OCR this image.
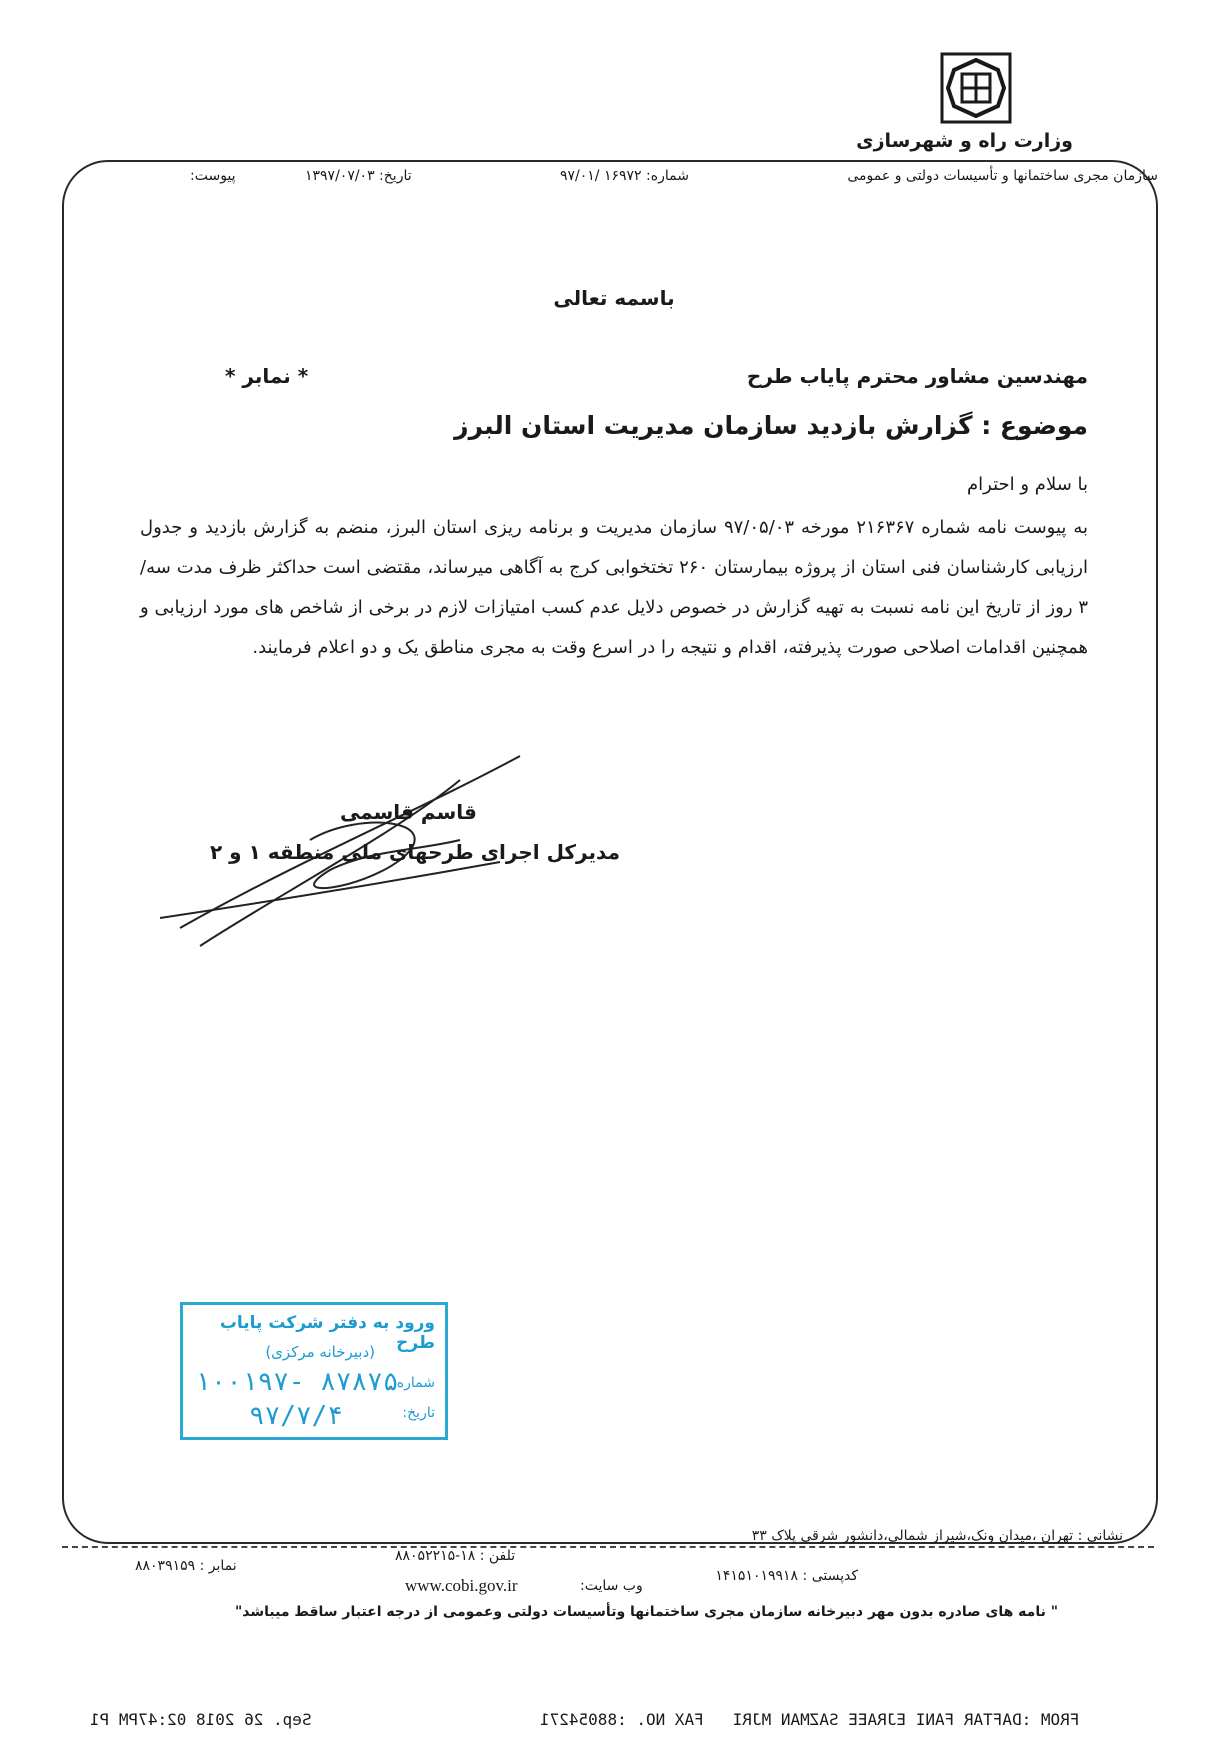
وزارت راه و شهرسازی
سازمان مجری ساختمانها و تأسیسات دولتی و عمومی
شماره: ۱۶۹۷۲ /۹۷/۰۱
تاریخ: ۱۳۹۷/۰۷/۰۳
پیوست:
باسمه تعالی
مهندسین مشاور محترم پایاب طرح
* نمابر *
موضوع : گزارش بازدید سازمان مدیریت استان البرز
با سلام و احترام
به پیوست نامه شماره ۲۱۶۳۶۷ مورخه ۹۷/۰۵/۰۳ سازمان مدیریت و برنامه ریزی استان البرز، منضم به گزارش بازدید و جدول ارزیابی کارشناسان فنی استان از پروژه بیمارستان ۲۶۰ تختخوابی کرج به آگاهی میرساند، مقتضی است حداکثر ظرف مدت سه/۳ روز از تاریخ این نامه نسبت به تهیه گزارش در خصوص دلایل عدم کسب امتیازات لازم در برخی از شاخص های مورد ارزیابی و همچنین اقدامات اصلاحی صورت پذیرفته، اقدام و نتیجه را در اسرع وقت به مجری مناطق یک و دو اعلام فرمایند.
قاسم قاسمی
مدیرکل اجرای طرحهای ملی منطقه ۱ و ۲
ورود به دفتر شرکت پایاب طرح
(دبیرخانه مرکزی)
شماره:
۱۰۰۱۹۷- ۸۷۸۷۵
تاریخ:
۹۷/۷/۴
نشانی : تهران ،میدان ونک،شیراز شمالی،دانشور شرقی پلاک ۳۳
کدپستی : ۱۴۱۵۱۰۱۹۹۱۸
تلفن : ۱۸-۸۸۰۵۲۲۱۵
وب سایت:
www.cobi.gov.ir
نمابر : ۸۸۰۳۹۱۵۹
" نامه های صادره بدون مهر دبیرخانه سازمان مجری ساختمانها وتأسیسات دولتی وعمومی از درجه اعتبار ساقط میباشد"
Sep. 26 2018 02:47PM P1	FROM :DAFTAR FANI EJRAEE SAZMAN MJRI   FAX NO. :88054271
